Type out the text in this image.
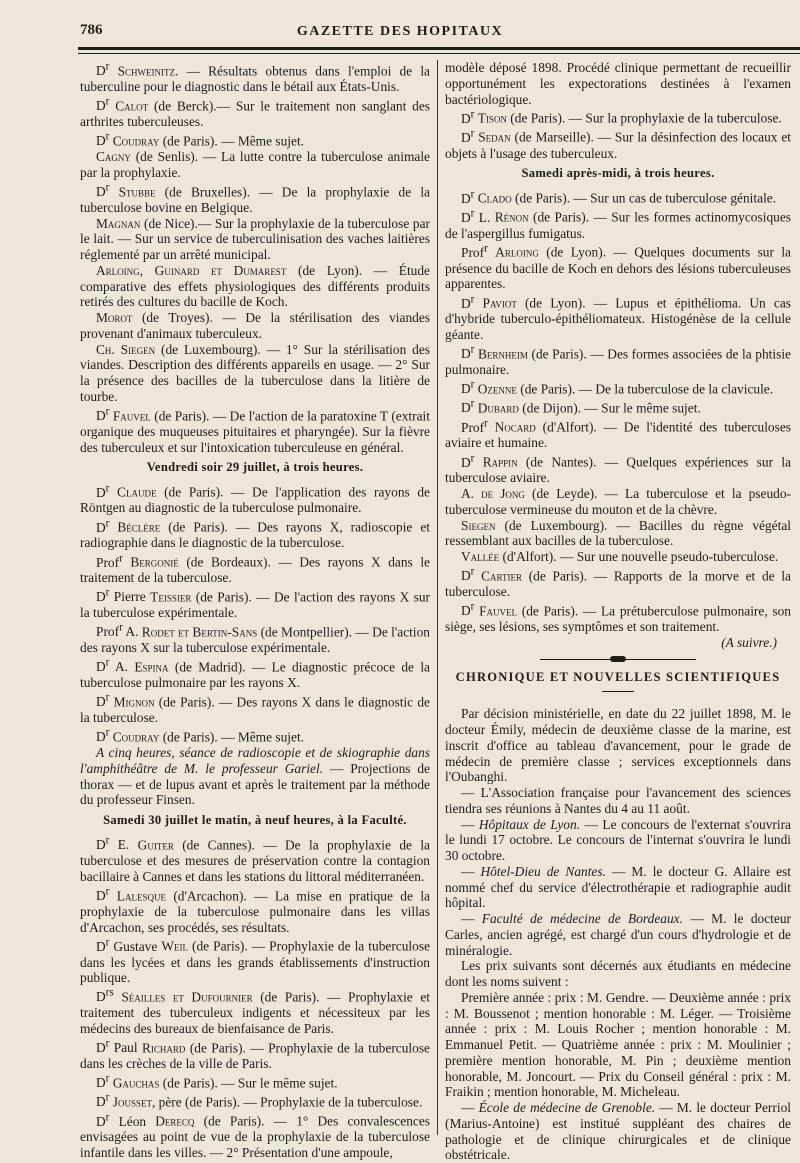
786	GAZETTE DES HOPITAUX

$D^r$ Schweinitz. — Résultats obtenus dans l'emploi de la tuberculine pour le diagnostic dans le bétail aux États-Unis.

$D^r$ Calot (de Berck).— Sur le traitement non sanglant des arthrites tuberculeuses.

$D^r$ Coudray (de Paris). — Même sujet.

Cagny (de Senlis). — La lutte contre la tuberculose animale par la prophylaxie.

$D^r$ Stubbe (de Bruxelles). — De la prophylaxie de la tuberculose bovine en Belgique.

Magnan (de Nice).— Sur la prophylaxie de la tuberculose par le lait. — Sur un service de tuberculinisation des vaches laitières réglementé par un arrêté municipal.

Arloing, Guinard et Dumarest (de Lyon). — Étude comparative des effets physiologiques des différents produits retirés des cultures du bacille de Koch.

Morot (de Troyes). — De la stérilisation des viandes provenant d'animaux tuberculeux.

Ch. Siegen (de Luxembourg). — 1° Sur la stérilisation des viandes. Description des différents appareils en usage. — 2° Sur la présence des bacilles de la tuberculose dans la litière de tourbe.

$D^r$ Fauvel (de Paris). — De l'action de la paratoxine T (extrait organique des muqueuses pituitaires et pharyngée). Sur la fièvre des tuberculeux et sur l'intoxication tuberculeuse en général.

Vendredi soir 29 juillet, à trois heures.

$D^r$ Claude (de Paris). — De l'application des rayons de Röntgen au diagnostic de la tuberculose pulmonaire.

$D^r$ Béclère (de Paris). — Des rayons X, radioscopie et radiographie dans le diagnostic de la tuberculose.

Prof$^r$ Bergonié (de Bordeaux). — Des rayons X dans le traitement de la tuberculose.

$D^r$ Pierre Teissier (de Paris). — De l'action des rayons X sur la tuberculose expérimentale.

Prof$^r$ A. Rodet et Bertin-Sans (de Montpellier). — De l'action des rayons X sur la tuberculose expérimentale.

$D^r$ A. Espina (de Madrid). — Le diagnostic précoce de la tuberculose pulmonaire par les rayons X.

$D^r$ Mignon (de Paris). — Des rayons X dans le diagnostic de la tuberculose.

$D^r$ Coudray (de Paris). — Même sujet.

A cinq heures, séance de radioscopie et de skiographie dans l'amphithéâtre de M. le professeur Gariel. — Projections de thorax — et de lupus avant et après le traitement par la méthode du professeur Finsen.

Samedi 30 juillet le matin, à neuf heures, à la Faculté.

$D^r$ E. Guiter (de Cannes). — De la prophylaxie de la tuberculose et des mesures de préservation contre la contagion bacillaire à Cannes et dans les stations du littoral méditerranéen.

$D^r$ Lalesque (d'Arcachon). — La mise en pratique de la prophylaxie de la tuberculose pulmonaire dans les villas d'Arcachon, ses procédés, ses résultats.

$D^r$ Gustave Weil (de Paris). — Prophylaxie de la tuberculose dans les lycées et dans les grands établissements d'instruction publique.

$D^{rs}$ Séailles et Dufournier (de Paris). — Prophylaxie et traitement des tuberculeux indigents et nécessiteux par les médecins des bureaux de bienfaisance de Paris.

$D^r$ Paul Richard (de Paris). — Prophylaxie de la tuberculose dans les crèches de la ville de Paris.

$D^r$ Gauchas (de Paris). — Sur le même sujet.

$D^r$ Jousset, père (de Paris). — Prophylaxie de la tuberculose.

$D^r$ Léon Derecq (de Paris). — 1° Des convalescences envisagées au point de vue de la prophylaxie de la tuberculose infantile dans les villes. — 2° Présentation d'une ampoule,

modèle déposé 1898. Procédé clinique permettant de recueillir opportunément les expectorations destinées à l'examen bactériologique.

$D^r$ Tison (de Paris). — Sur la prophylaxie de la tuberculose.

$D^r$ Sedan (de Marseille). — Sur la désinfection des locaux et objets à l'usage des tuberculeux.

Samedi après-midi, à trois heures.

$D^r$ Clado (de Paris). — Sur un cas de tuberculose génitale.

$D^r$ L. Rénon (de Paris). — Sur les formes actinomycosiques de l'aspergillus fumigatus.

Prof$^r$ Arloing (de Lyon). — Quelques documents sur la présence du bacille de Koch en dehors des lésions tuberculeuses apparentes.

$D^r$ Paviot (de Lyon). — Lupus et épithélioma. Un cas d'hybride tuberculo-épithéliomateux. Histogénèse de la cellule géante.

$D^r$ Bernheim (de Paris). — Des formes associées de la phtisie pulmonaire.

$D^r$ Ozenne (de Paris). — De la tuberculose de la clavicule.

$D^r$ Dubard (de Dijon). — Sur le même sujet.

Prof$^r$ Nocard (d'Alfort). — De l'identité des tuberculoses aviaire et humaine.

$D^r$ Rappin (de Nantes). — Quelques expériences sur la tuberculose aviaire.

A. de Jong (de Leyde). — La tuberculose et la pseudo-tuberculose vermineuse du mouton et de la chèvre.

Siegen (de Luxembourg). — Bacilles du règne végétal ressemblant aux bacilles de la tuberculose.

Vallée (d'Alfort). — Sur une nouvelle pseudo-tuberculose.

$D^r$ Cartier (de Paris). — Rapports de la morve et de la tuberculose.

$D^r$ Fauvel (de Paris). — La prétuberculose pulmonaire, son siège, ses lésions, ses symptômes et son traitement.

(A suivre.)

CHRONIQUE ET NOUVELLES SCIENTIFIQUES

Par décision ministérielle, en date du 22 juillet 1898, M. le docteur Émily, médecin de deuxième classe de la marine, est inscrit d'office au tableau d'avancement, pour le grade de médecin de première classe ; services exceptionnels dans l'Oubanghi.

— L'Association française pour l'avancement des sciences tiendra ses réunions à Nantes du 4 au 11 août.

— Hôpitaux de Lyon. — Le concours de l'externat s'ouvrira le lundi 17 octobre. Le concours de l'internat s'ouvrira le lundi 30 octobre.

— Hôtel-Dieu de Nantes. — M. le docteur G. Allaire est nommé chef du service d'électrothérapie et radiographie audit hôpital.

— Faculté de médecine de Bordeaux. — M. le docteur Carles, ancien agrégé, est chargé d'un cours d'hydrologie et de minéralogie.

Les prix suivants sont décernés aux étudiants en médecine dont les noms suivent :

Première année : prix : M. Gendre. — Deuxième année : prix : M. Boussenot ; mention honorable : M. Léger. — Troisième année : prix : M. Louis Rocher ; mention honorable : M. Emmanuel Petit. — Quatrième année : prix : M. Moulinier ; première mention honorable, M. Pin ; deuxième mention honorable, M. Joncourt. — Prix du Conseil général : prix : M. Fraikin ; mention honorable, M. Micheleau.

— École de médecine de Grenoble. — M. le docteur Perriol (Marius-Antoine) est institué suppléant des chaires de pathologie et de clinique chirurgicales et de clinique obstétricale.
